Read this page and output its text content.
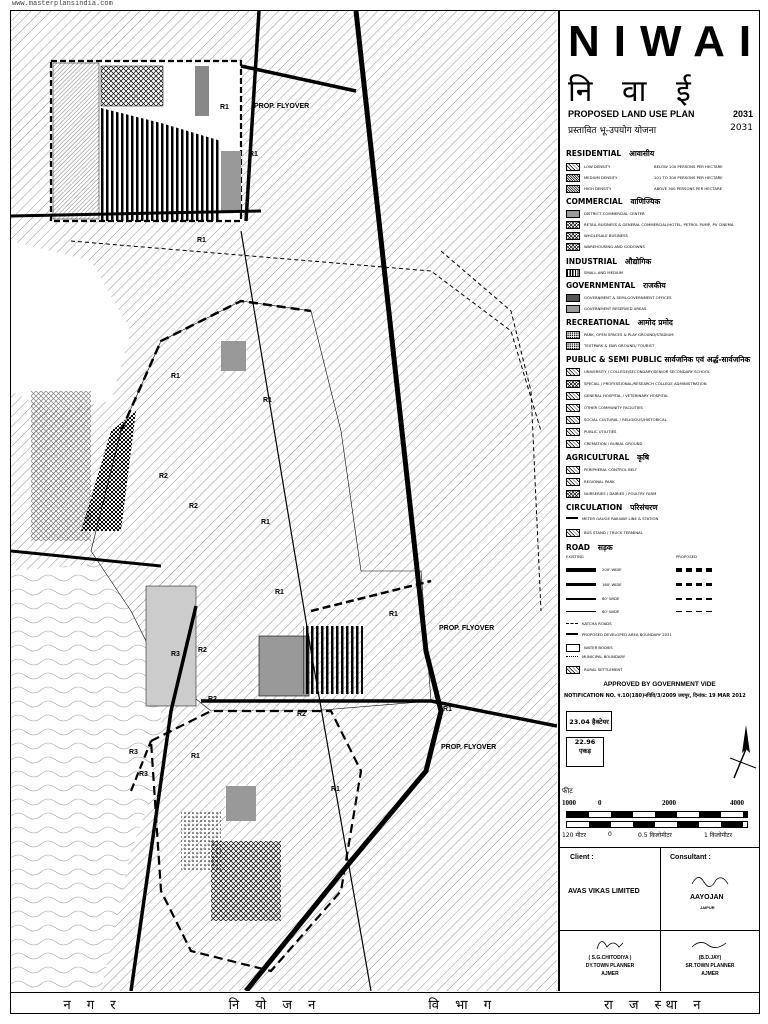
www.masterplansindia.com
PROP. FLYOVER
PROP. FLYOVER
PROP. FLYOVER
R1
R1
R1
R1
R1
R1
R1
R1
R2
R2
R2
R2
R2
R3
R3
R3
R1
R1
R1
NIWAI
नि वा ई
PROPOSED LAND USE PLAN	2031
प्रस्तावित भू-उपयोग योजना	2031
RESIDENTIAL आवासीय
LOW DENSITY	BELOW 100 PERSONS PER HECTARE
MEDIUM DENSITY	101 TO 300 PERSONS PER HECTARE
HIGH DENSITY	ABOVE 300 PERSONS PER HECTARE
COMMERCIAL वाणिज्यिक
DISTRICT COMMERCIAL CENTER
RETAIL BUSINESS & GENERAL COMMERCIAL(HOTEL, PETROL PUMP, PV CINEMA
WHOLESALE BUSINESS
WAREHOUSING AND GODOWNS
INDUSTRIAL औद्योगिक
SMALL AND MEDIUM
GOVERNMENTAL राजकीय
GOVERNMENT & SEMI-GOVERNMENT OFFICES
GOVERNMENT RESERVED AREAS
RECREATIONAL आमोद प्रमोद
PARK, OPEN SPACES & PLAY GROUND/STADIUM
TEXTPARK & FAIR GROUND/ TOURIST
PUBLIC & SEMI PUBLIC सार्वजनिक एवं अर्द्ध-सार्वजनिक
UNIVERSITY / COLLEGE/SECONDARY/SENIOR SECONDARY SCHOOL
SPECIAL / PROFESSIONAL/RESEARCH COLLEGE ADMINISTRATION
GENERAL HOSPITAL / VETERINARY HOSPITAL
OTHER COMMUNITY FACILITIES
SOCIAL CULTURAL / RELIGIOUS/HISTORICAL
PUBLIC UTILITIES
CREMATION / BURIAL GROUND
AGRICULTURAL कृषि
PERIPHERAL CONTROL BELT
REGIONAL PARK
NURSERIES / DAIRIES / POULTRY FARM
CIRCULATION परिसंचरण
METER GAUGE RAILWAY LINE & STATION
BUS STAND / TRUCK TERMINAL
ROAD सड़क
EXISTING	PROPOSED
200' WIDE
160' WIDE
80' WIDE
60' WIDE
KATCHA ROADS
PROPOSED DEVELOPED AREA BOUNDARY 2031
WATER BODIES
MUNICIPAL BOUNDARY
RURAL SETTLEMENT
APPROVED BY GOVERNMENT VIDE
NOTIFICATION NO. प.10(180)नविवि/3/2009 जयपुर, दिनांक: 19 MAR 2012
23.04 हैक्टेयर
22.96
एकड़
फीट
1000	0	2000	4000
120 मीटर	0	0.5 किलोमीटर	1 किलोमीटर
Client :
AVAS VIKAS LIMITED
Consultant :
AAYOJAN
JAIPUR
( S.G.CHITODIYA )
DY.TOWN PLANNER
AJMER
(B.D.JAY)
SR.TOWN PLANNER
AJMER
न ग र	नि यो ज न	वि भा ग	रा ज स्था न
